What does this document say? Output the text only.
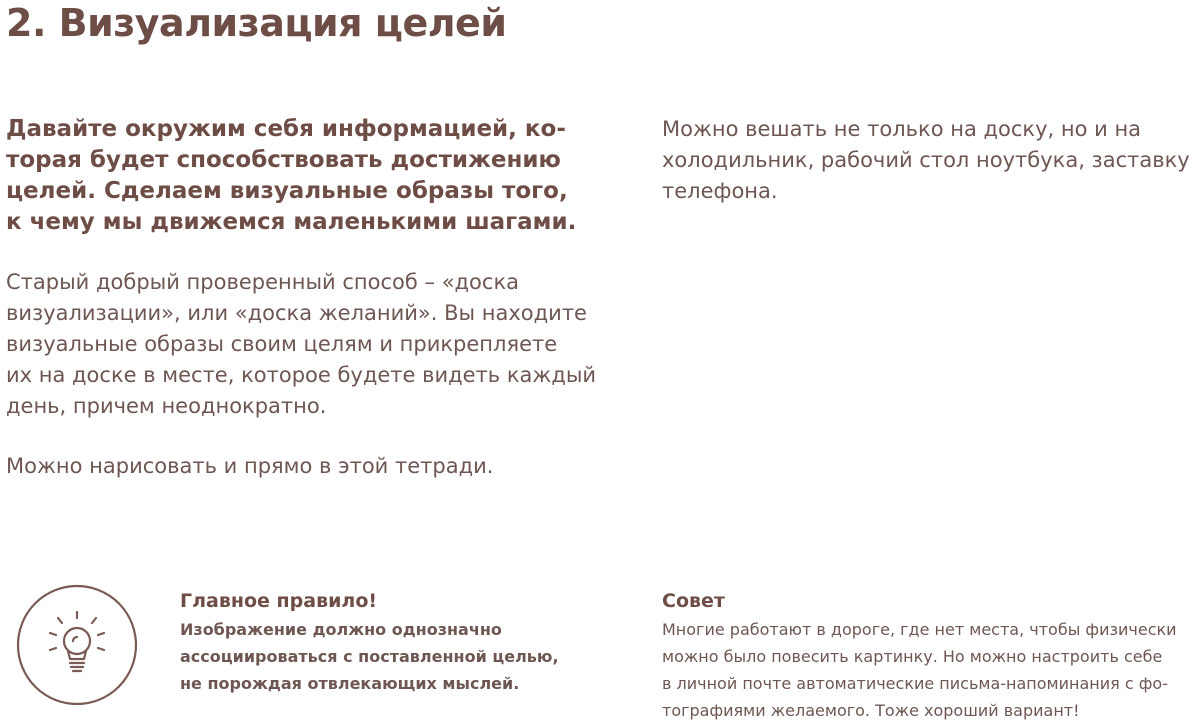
2. Визуализация целей
Давайте окружим себя информацией, ко-
торая будет способствовать достижению
целей. Сделаем визуальные образы того,
к чему мы движемся маленькими шагами.
Старый добрый проверенный способ – «доска
визуализации», или «доска желаний». Вы находите
визуальные образы своим целям и прикрепляете
их на доске в месте, которое будете видеть каждый
день, причем неоднократно.
Можно нарисовать и прямо в этой тетради.
Можно вешать не только на доску, но и на
холодильник, рабочий стол ноутбука, заставку
телефона.
Главное правило!
Изображение должно однозначно
ассоциироваться с поставленной целью,
не порождая отвлекающих мыслей.
Совет
Многие работают в дороге, где нет места, чтобы физически
можно было повесить картинку. Но можно настроить себе
в личной почте автоматические письма-напоминания с фо-
тографиями желаемого. Тоже хороший вариант!
